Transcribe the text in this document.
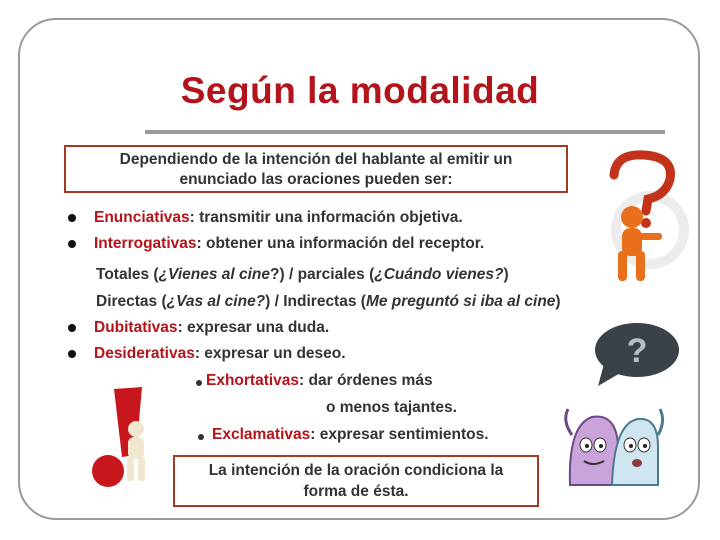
Según la modalidad
Dependiendo de la intención del hablante al emitir un
enunciado las oraciones pueden ser:
Enunciativas: transmitir una información objetiva.
Interrogativas: obtener una información del receptor.
Totales (¿Vienes al cine?) / parciales (¿Cuándo vienes?)
Directas (¿Vas al cine?) / Indirectas (Me preguntó si iba al cine)
Dubitativas: expresar una duda.
Desiderativas: expresar un deseo.
Exhortativas: dar órdenes más
o menos tajantes.
Exclamativas: expresar sentimientos.
La intención de la oración condiciona la
forma de ésta.
?
